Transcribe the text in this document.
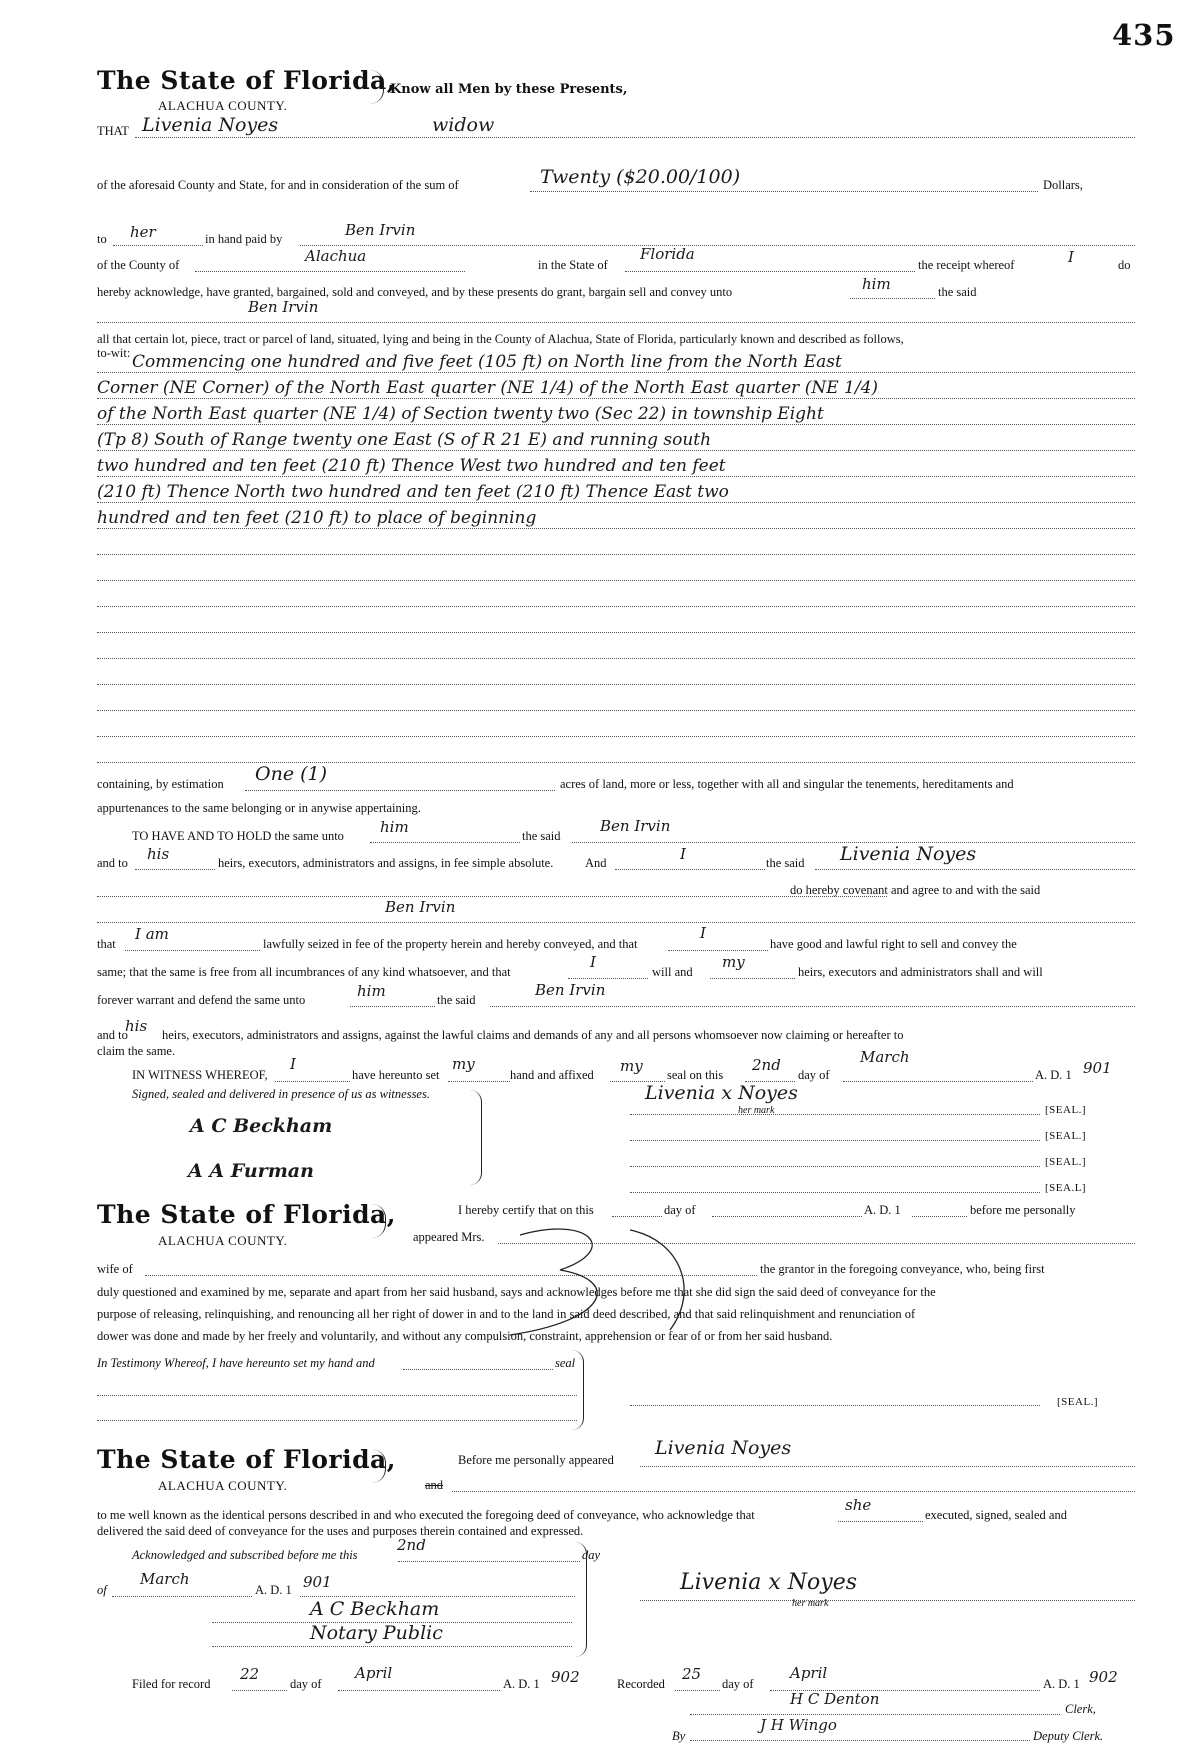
435
The State of Florida,
Know all Men by these Presents,
ALACHUA COUNTY.
THAT Livenia Noyes	widow
of the aforesaid County and State, for and in consideration of the sum of	Twenty ($20.00/100)	Dollars,
to her	in hand paid by	Ben Irvin
of the County of	Alachua	in the State of
Florida
the receipt whereof	I	do
hereby acknowledge, have granted, bargained, sold and conveyed, and by these presents do grant, bargain sell and convey unto	him	the said
Ben Irvin
all that certain lot, piece, tract or parcel of land, situated, lying and being in the County of Alachua, State of Florida, particularly known and described as follows,
to-wit: Commencing one hundred and five feet (105 ft) on North line from the North East
Corner (NE Corner) of the North East quarter (NE 1/4) of the North East quarter (NE 1/4)
of the North East quarter (NE 1/4) of Section twenty two (Sec 22) in township Eight
(Tp 8) South of Range twenty one East (S of R 21 E) and running south
two hundred and ten feet (210 ft) Thence West two hundred and ten feet
(210 ft) Thence North two hundred and ten feet (210 ft) Thence East two
hundred and ten feet (210 ft) to place of beginning
containing, by estimation One (1)	acres of land, more or less, together with all and singular the tenements, hereditaments and
appurtenances to the same belonging or in anywise appertaining.
TO HAVE AND TO HOLD the same unto him	the said
Ben Irvin
and to his	heirs, executors, administrators and assigns, in fee simple absolute.	And	I	the said Livenia Noyes
do hereby covenant and agree to and with the said
Ben Irvin
that
I am
lawfully seized in fee of the property herein and hereby conveyed, and that
I
have good and lawful right to sell and convey the
same; that the same is free from all incumbrances of any kind whatsoever, and that
I
will and
my
heirs, executors and administrators shall and will
forever warrant and defend the same unto	him	the said
Ben Irvin
and to
his heirs, executors, administrators and assigns, against the lawful claims and demands of any and all persons whomsoever now claiming or hereafter to
claim the same.
IN WITNESS WHEREOF,
I
have hereunto set
my
hand and affixed my seal on this
2nd
day of
March
A. D. 1 901
Signed, sealed and delivered in presence of us as witnesses.
A C Beckham
A A Furman
Livenia x Noyes
her mark	[SEAL.]
[SEAL.]
[SEAL.]
[SEA.L]
The State of Florida,
ALACHUA COUNTY.
I hereby certify that on this	day of	A. D. 1	before me personally
appeared Mrs.
wife of	the grantor in the foregoing conveyance, who, being first
duly questioned and examined by me, separate and apart from her said husband, says and acknowledges before me that she did sign the said deed of conveyance for the
purpose of releasing, relinquishing, and renouncing all her right of dower in and to the land in said deed described, and that said relinquishment and renunciation of
dower was done and made by her freely and voluntarily, and without any compulsion, constraint, apprehension or fear of or from her said husband.
In Testimony Whereof, I have hereunto set my hand and	seal
[SEAL.]
The State of Florida,
ALACHUA COUNTY.
Before me personally appeared
Livenia Noyes
and
to me well known as the identical persons described in and who executed the foregoing deed of conveyance, who acknowledge that
she
executed, signed, sealed and
delivered the said deed of conveyance for the uses and purposes therein contained and expressed.
Acknowledged and subscribed before me this
2nd
day
of
March
A. D. 1 901
A C Beckham
Notary Public
Livenia x Noyes
her mark
Filed for record
22
day of
April
A. D. 1 902	Recorded
25
day of
April
A. D. 1 902
H C Denton
Clerk,
By
J H Wingo
Deputy Clerk.
